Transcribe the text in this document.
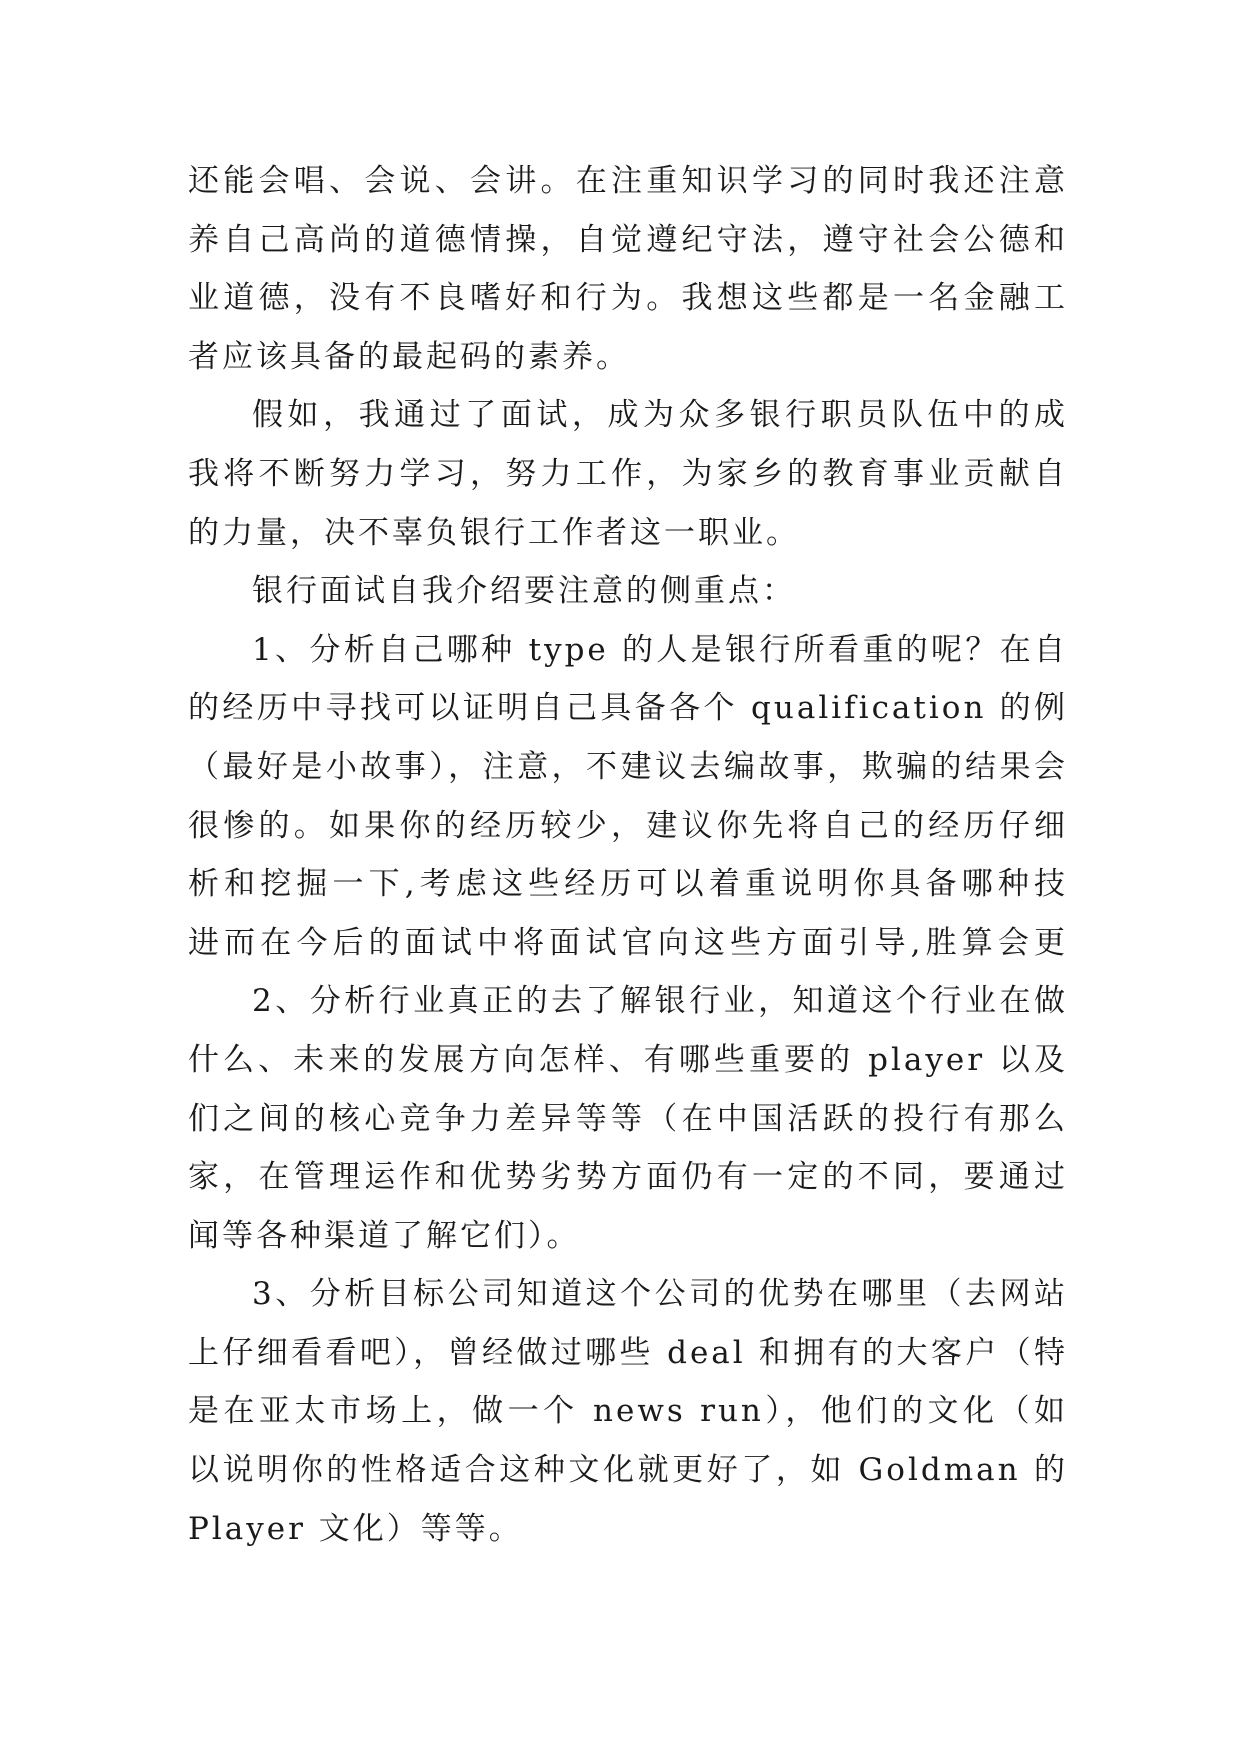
还能会唱、会说、会讲。在注重知识学习的同时我还注意
养自己高尚的道德情操，自觉遵纪守法，遵守社会公德和
业道德，没有不良嗜好和行为。我想这些都是一名金融工
者应该具备的最起码的素养。
假如，我通过了面试，成为众多银行职员队伍中的成
我将不断努力学习，努力工作，为家乡的教育事业贡献自
的力量，决不辜负银行工作者这一职业。
银行面试自我介绍要注意的侧重点：
1、分析自己哪种 type 的人是银行所看重的呢？在自
的经历中寻找可以证明自己具备各个 qualification 的例
（最好是小故事），注意，不建议去编故事，欺骗的结果会
很惨的。如果你的经历较少，建议你先将自己的经历仔细
析和挖掘一下,考虑这些经历可以着重说明你具备哪种技
进而在今后的面试中将面试官向这些方面引导,胜算会更
2、分析行业真正的去了解银行业，知道这个行业在做
什么、未来的发展方向怎样、有哪些重要的 player 以及
们之间的核心竞争力差异等等（在中国活跃的投行有那么
家，在管理运作和优势劣势方面仍有一定的不同，要通过
闻等各种渠道了解它们）。
3、分析目标公司知道这个公司的优势在哪里（去网站
上仔细看看吧），曾经做过哪些 deal 和拥有的大客户（特
是在亚太市场上，做一个 news run），他们的文化（如
以说明你的性格适合这种文化就更好了，如 Goldman 的
Player 文化）等等。
